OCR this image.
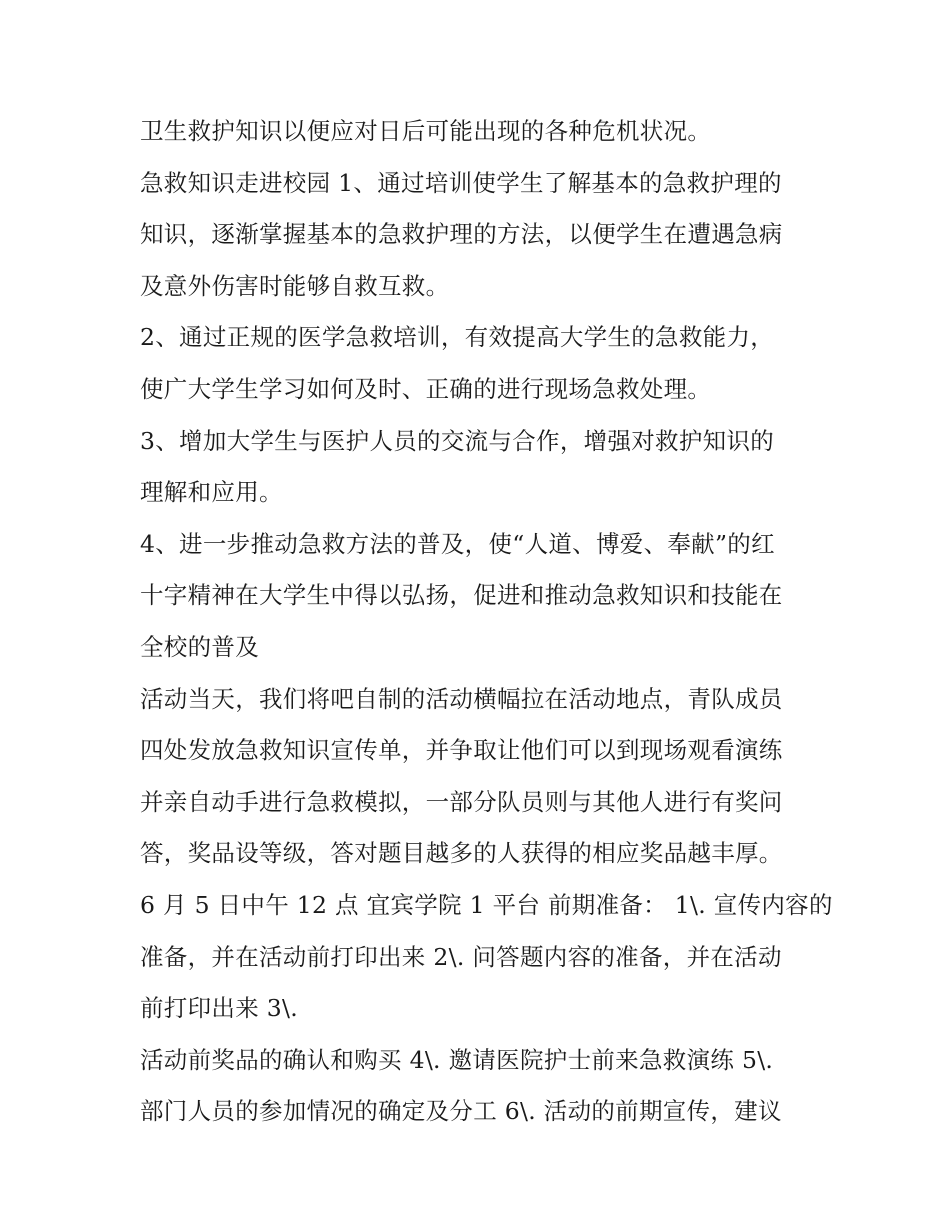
卫生救护知识以便应对日后可能出现的各种危机状况。
急救知识走进校园 1、通过培训使学生了解基本的急救护理的
知识，逐渐掌握基本的急救护理的方法，以便学生在遭遇急病
及意外伤害时能够自救互救。
2、通过正规的医学急救培训，有效提高大学生的急救能力，
使广大学生学习如何及时、正确的进行现场急救处理。
3、增加大学生与医护人员的交流与合作，增强对救护知识的
理解和应用。
4、进一步推动急救方法的普及，使“人道、博爱、奉献”的红
十字精神在大学生中得以弘扬，促进和推动急救知识和技能在
全校的普及
活动当天，我们将吧自制的活动横幅拉在活动地点，青队成员
四处发放急救知识宣传单，并争取让他们可以到现场观看演练
并亲自动手进行急救模拟，一部分队员则与其他人进行有奖问
答，奖品设等级，答对题目越多的人获得的相应奖品越丰厚。
6 月 5 日中午 12 点 宜宾学院 1 平台 前期准备： 1\. 宣传内容的
准备，并在活动前打印出来 2\. 问答题内容的准备，并在活动
前打印出来 3\.
活动前奖品的确认和购买 4\. 邀请医院护士前来急救演练 5\.
部门人员的参加情况的确定及分工 6\. 活动的前期宣传，建议
